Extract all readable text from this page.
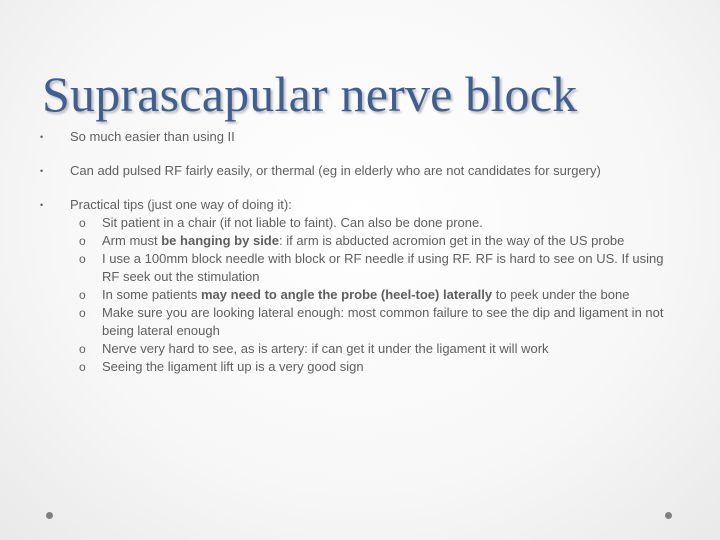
Suprascapular nerve block
•	So much easier than using II
•	Can add pulsed RF fairly easily, or thermal (eg in elderly who are not candidates for surgery)
•	Practical tips (just one way of doing it):
o Sit patient in a chair (if not liable to faint). Can also be done prone.
o Arm must be hanging by side: if arm is abducted acromion get in the way of the US probe
o I use a 100mm block needle with block or RF needle if using RF. RF is hard to see on US. If using RF seek out the stimulation
o In some patients may need to angle the probe (heel-toe) laterally to peek under the bone
o Make sure you are looking lateral enough: most common failure to see the dip and ligament in not being lateral enough
o Nerve very hard to see, as is artery: if can get it under the ligament it will work
o Seeing the ligament lift up is a very good sign
